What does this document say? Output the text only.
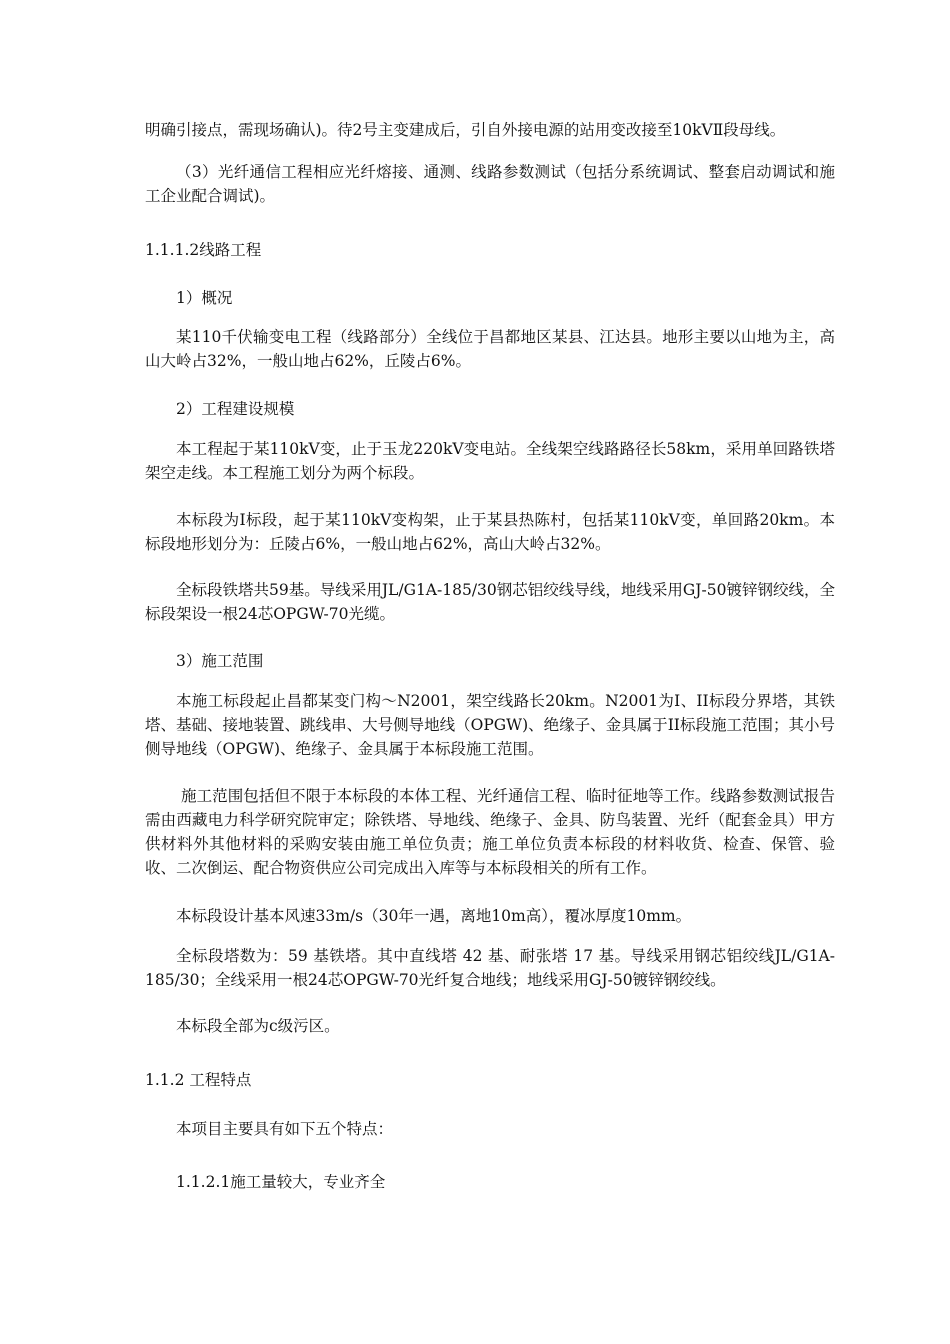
明确引接点，需现场确认)。待2号主变建成后，引自外接电源的站用变改接至10kVⅡ段母线。

（3）光纤通信工程相应光纤熔接、通测、线路参数测试（包括分系统调试、整套启动调试和施工企业配合调试)。

1.1.1.2线路工程

1）概况

某110千伏输变电工程（线路部分）全线位于昌都地区某县、江达县。地形主要以山地为主，高山大岭占32%，一般山地占62%，丘陵占6%。

2）工程建设规模

本工程起于某110kV变，止于玉龙220kV变电站。全线架空线路路径长58km，采用单回路铁塔架空走线。本工程施工划分为两个标段。

本标段为I标段，起于某110kV变构架，止于某县热陈村，包括某110kV变，单回路20km。本标段地形划分为：丘陵占6%，一般山地占62%，高山大岭占32%。

全标段铁塔共59基。导线采用JL/G1A-185/30钢芯铝绞线导线，地线采用GJ-50镀锌钢绞线，全标段架设一根24芯OPGW-70光缆。

3）施工范围

本施工标段起止昌都某变门构～N2001，架空线路长20km。N2001为I、II标段分界塔，其铁塔、基础、接地装置、跳线串、大号侧导地线（OPGW)、绝缘子、金具属于II标段施工范围；其小号侧导地线（OPGW)、绝缘子、金具属于本标段施工范围。

施工范围包括但不限于本标段的本体工程、光纤通信工程、临时征地等工作。线路参数测试报告需由西藏电力科学研究院审定；除铁塔、导地线、绝缘子、金具、防鸟装置、光纤（配套金具）甲方供材料外其他材料的采购安装由施工单位负责；施工单位负责本标段的材料收货、检查、保管、验收、二次倒运、配合物资供应公司完成出入库等与本标段相关的所有工作。

本标段设计基本风速33m/s（30年一遇，离地10m高），覆冰厚度10mm。

全标段塔数为：59 基铁塔。其中直线塔 42 基、耐张塔 17 基。导线采用钢芯铝绞线JL/G1A-185/30；全线采用一根24芯OPGW-70光纤复合地线；地线采用GJ-50镀锌钢绞线。

本标段全部为c级污区。

1.1.2 工程特点

本项目主要具有如下五个特点：

1.1.2.1施工量较大，专业齐全
